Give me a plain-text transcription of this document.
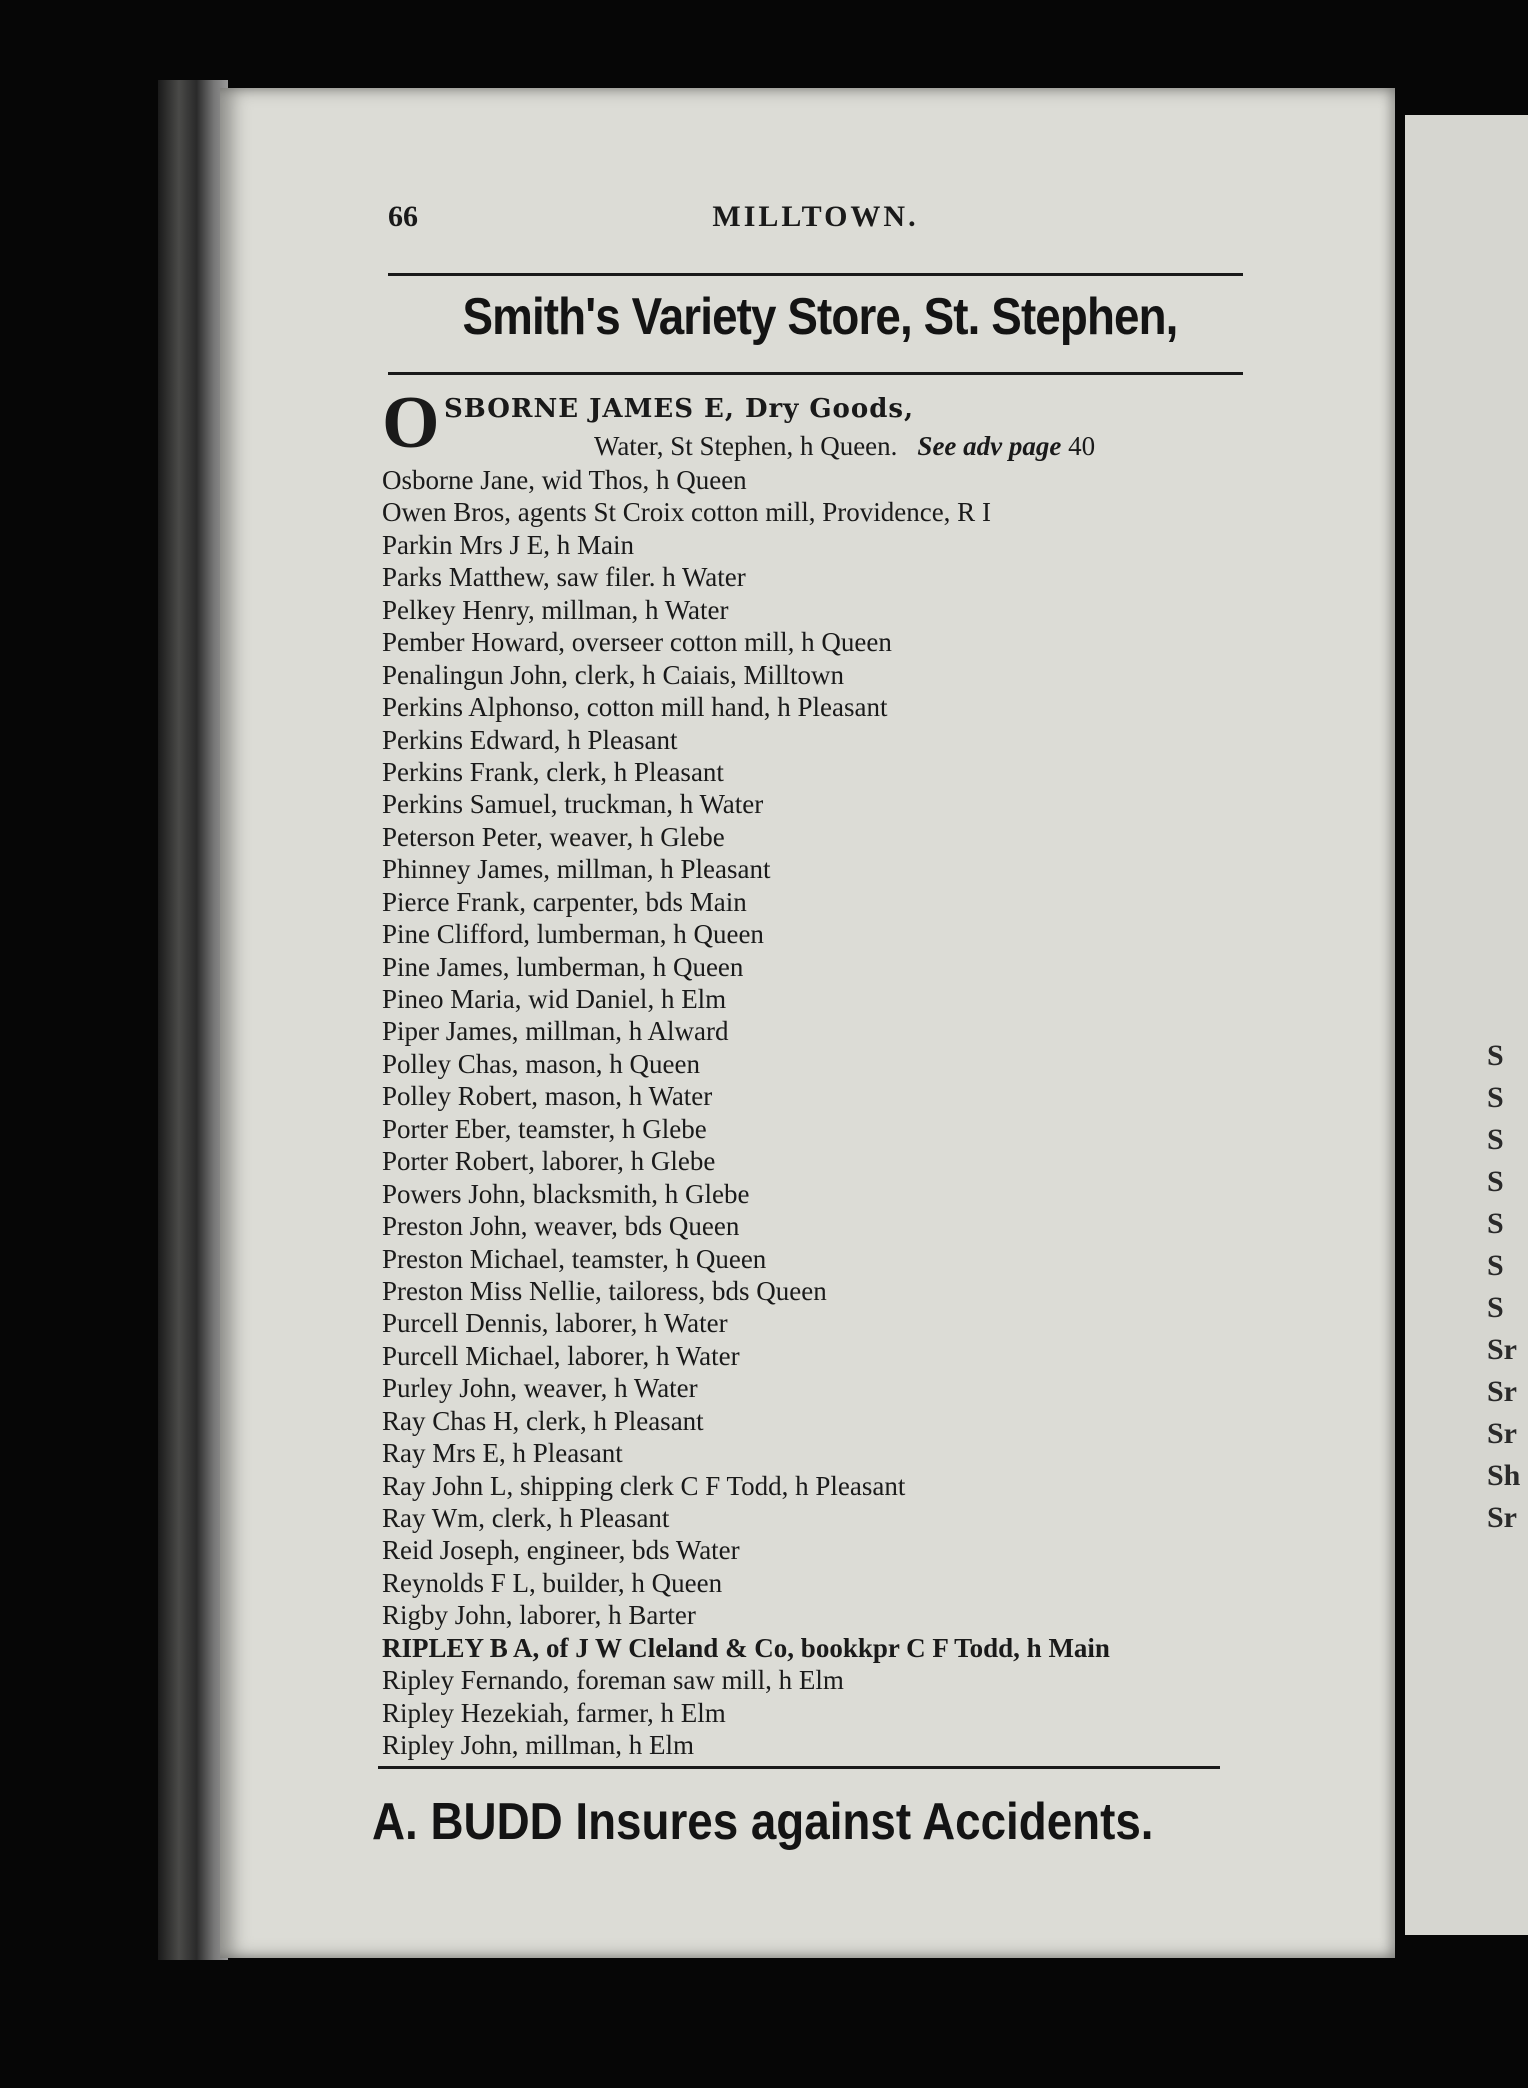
S
S
S
S
S
S
S
Sr
Sr
Sr
Sh
Sr
66	MILLTOWN.
Smith's Variety Store, St. Stephen,
O SBORNE JAMES E, Dry Goods,
Water, St Stephen, h Queen. See adv page 40
Osborne Jane, wid Thos, h Queen
Owen Bros, agents St Croix cotton mill, Providence, R I
Parkin Mrs J E, h Main
Parks Matthew, saw filer. h Water
Pelkey Henry, millman, h Water
Pember Howard, overseer cotton mill, h Queen
Penalingun John, clerk, h Caiais, Milltown
Perkins Alphonso, cotton mill hand, h Pleasant
Perkins Edward, h Pleasant
Perkins Frank, clerk, h Pleasant
Perkins Samuel, truckman, h Water
Peterson Peter, weaver, h Glebe
Phinney James, millman, h Pleasant
Pierce Frank, carpenter, bds Main
Pine Clifford, lumberman, h Queen
Pine James, lumberman, h Queen
Pineo Maria, wid Daniel, h Elm
Piper James, millman, h Alward
Polley Chas, mason, h Queen
Polley Robert, mason, h Water
Porter Eber, teamster, h Glebe
Porter Robert, laborer, h Glebe
Powers John, blacksmith, h Glebe
Preston John, weaver, bds Queen
Preston Michael, teamster, h Queen
Preston Miss Nellie, tailoress, bds Queen
Purcell Dennis, laborer, h Water
Purcell Michael, laborer, h Water
Purley John, weaver, h Water
Ray Chas H, clerk, h Pleasant
Ray Mrs E, h Pleasant
Ray John L, shipping clerk C F Todd, h Pleasant
Ray Wm, clerk, h Pleasant
Reid Joseph, engineer, bds Water
Reynolds F L, builder, h Queen
Rigby John, laborer, h Barter
RIPLEY B A, of J W Cleland & Co, bookkpr C F Todd, h Main
Ripley Fernando, foreman saw mill, h Elm
Ripley Hezekiah, farmer, h Elm
Ripley John, millman, h Elm
A. BUDD Insures against Accidents.
